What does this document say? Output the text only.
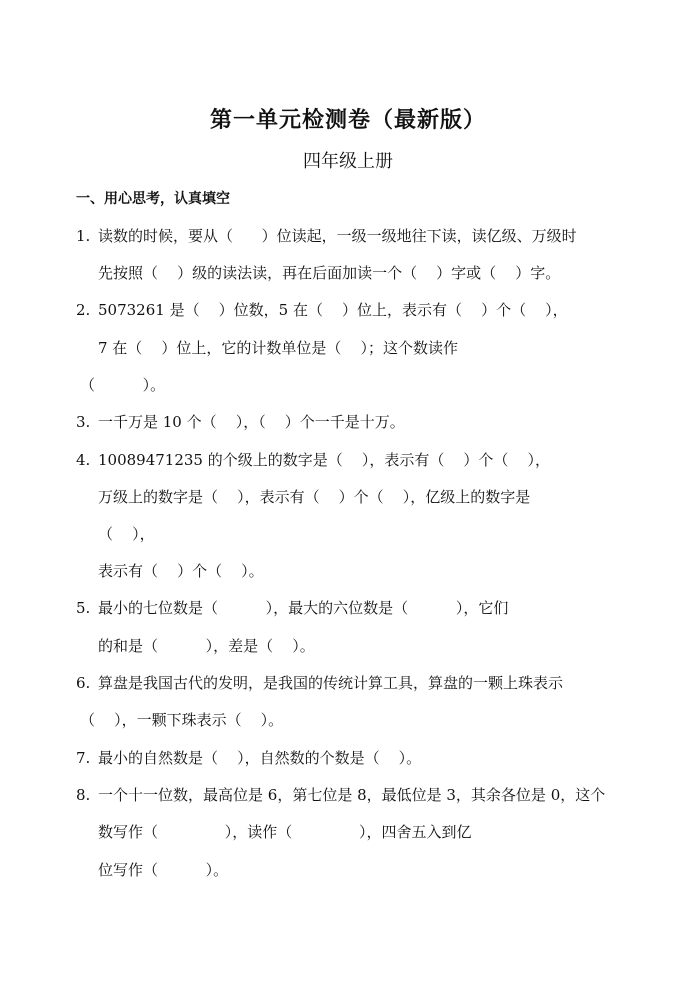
第一单元检测卷（最新版）
四年级上册
一、用心思考，认真填空
1. 读数的时候，要从（      ）位读起，一级一级地往下读，读亿级、万级时
先按照（    ）级的读法读，再在后面加读一个（    ）字或（    ）字。
2. 5073261 是（    ）位数，5 在（    ）位上，表示有（    ）个（    ），
7 在（    ）位上，它的计数单位是（    ）；这个数读作
（          ）。
3. 一千万是 10 个（    ），（    ）个一千是十万。
4. 10089471235 的个级上的数字是（    ），表示有（    ）个（    ），
万级上的数字是（    ），表示有（    ）个（    ），亿级上的数字是
（    ），
表示有（    ）个（    ）。
5. 最小的七位数是（          ），最大的六位数是（          ），它们
的和是（          ），差是（    ）。
6. 算盘是我国古代的发明，是我国的传统计算工具，算盘的一颗上珠表示
（    ），一颗下珠表示（    ）。
7. 最小的自然数是（    ），自然数的个数是（    ）。
8. 一个十一位数，最高位是 6，第七位是 8，最低位是 3，其余各位是 0，这个
数写作（              ），读作（              ），四舍五入到亿
位写作（          ）。
